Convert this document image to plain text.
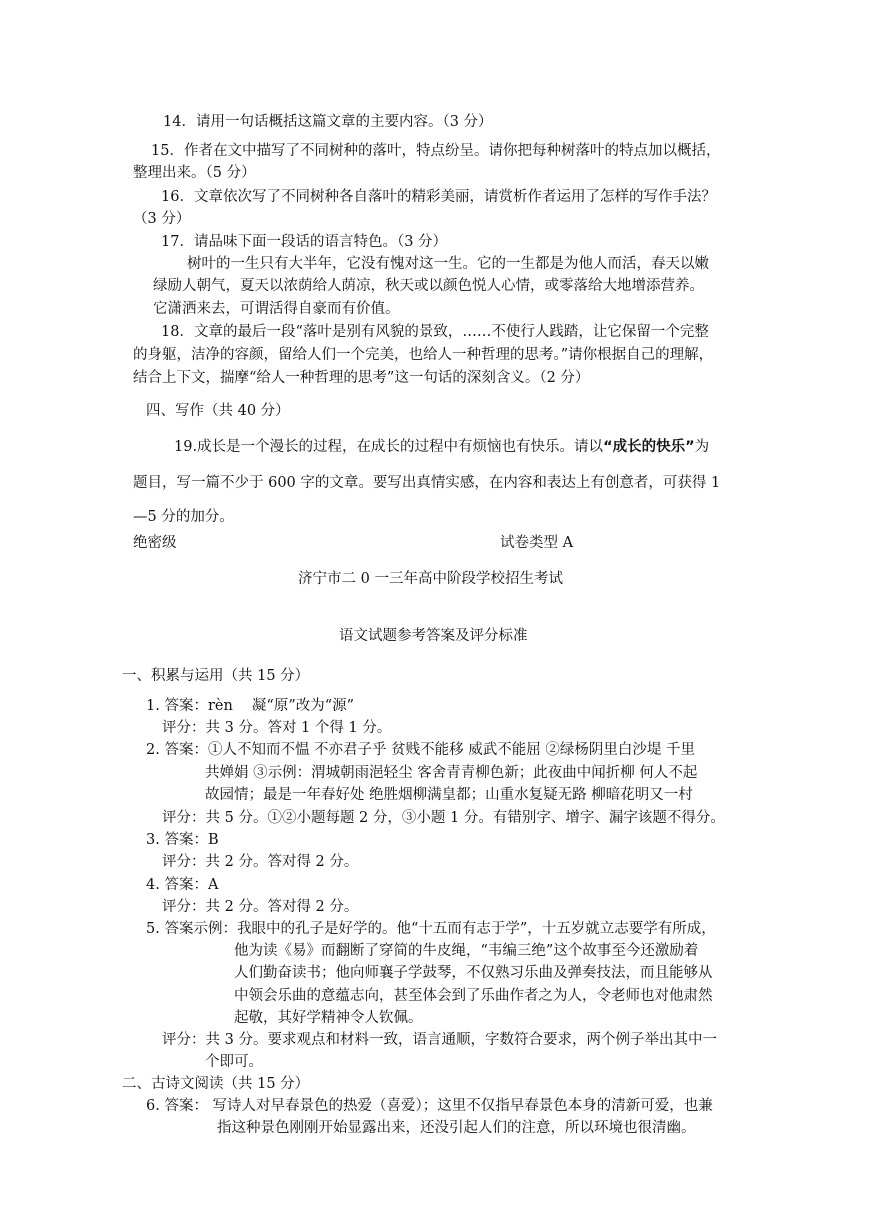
14．请用一句话概括这篇文章的主要内容。（3 分）
15．作者在文中描写了不同树种的落叶，特点纷呈。请你把每种树落叶的特点加以概括，
整理出来。（5 分）
16．文章依次写了不同树种各自落叶的精彩美丽，请赏析作者运用了怎样的写作手法？
（3 分）
17．请品味下面一段话的语言特色。（3 分）
树叶的一生只有大半年，它没有愧对这一生。它的一生都是为他人而活，春天以嫩
绿励人朝气，夏天以浓荫给人荫凉，秋天或以颜色悦人心情，或零落给大地增添营养。
它潇洒来去，可谓活得自豪而有价值。
18．文章的最后一段“落叶是别有风貌的景致，……不使行人践踏，让它保留一个完整
的身躯，洁净的容颜，留给人们一个完美，也给人一种哲理的思考。”请你根据自己的理解，
结合上下文，揣摩“给人一种哲理的思考”这一句话的深刻含义。（2 分）
四、写作（共 40 分）
19.成长是一个漫长的过程，在成长的过程中有烦恼也有快乐。请以“成长的快乐”为
题目，写一篇不少于 600 字的文章。要写出真情实感，在内容和表达上有创意者，可获得 1
—5 分的加分。
绝密级	试卷类型 A
济宁市二 0 一三年高中阶段学校招生考试
语文试题参考答案及评分标准
一、积累与运用（共 15 分）
1. 答案：rèn　 凝“原”改为“源”
评分：共 3 分。答对 1 个得 1 分。
2. 答案：①人不知而不愠 不亦君子乎 贫贱不能移 威武不能屈 ②绿杨阴里白沙堤 千里
共婵娟 ③示例：渭城朝雨浥轻尘 客舍青青柳色新；此夜曲中闻折柳 何人不起
故园情；最是一年春好处 绝胜烟柳满皇都；山重水复疑无路 柳暗花明又一村
评分：共 5 分。①②小题每题 2 分，③小题 1 分。有错别字、增字、漏字该题不得分。
3. 答案：B
评分：共 2 分。答对得 2 分。
4. 答案：A
评分：共 2 分。答对得 2 分。
5. 答案示例：我眼中的孔子是好学的。他“十五而有志于学”，十五岁就立志要学有所成，
他为读《易》而翻断了穿简的牛皮绳，“韦编三绝”这个故事至今还激励着
人们勤奋读书；他向师襄子学鼓琴，不仅熟习乐曲及弹奏技法，而且能够从
中领会乐曲的意蕴志向，甚至体会到了乐曲作者之为人，令老师也对他肃然
起敬，其好学精神令人钦佩。
评分：共 3 分。要求观点和材料一致，语言通顺，字数符合要求，两个例子举出其中一
个即可。
二、古诗文阅读（共 15 分）
6. 答案： 写诗人对早春景色的热爱（喜爱）；这里不仅指早春景色本身的清新可爱，也兼
指这种景色刚刚开始显露出来，还没引起人们的注意，所以环境也很清幽。
